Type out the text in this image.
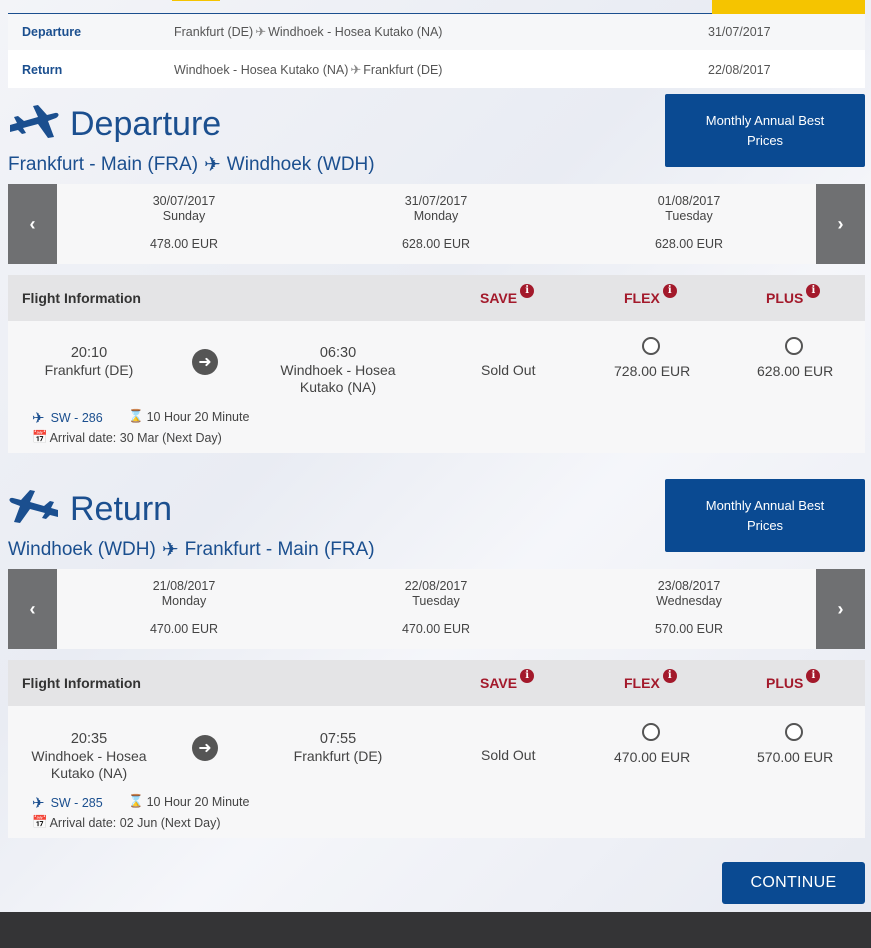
Departure	Frankfurt (DE) ✈ Windhoek - Hosea Kutako (NA)	31/07/2017
Return	Windhoek - Hosea Kutako (NA) ✈ Frankfurt (DE)	22/08/2017
Departure
Frankfurt - Main (FRA) ✈ Windhoek (WDH)
Monthly Annual Best Prices
‹
30/07/2017
Sunday
478.00 EUR
31/07/2017
Monday
628.00 EUR
01/08/2017
Tuesday
628.00 EUR
›
Flight Information	SAVE i	FLEX i	PLUS i
20:10
Frankfurt (DE)	➜
06:30
Windhoek - Hosea Kutako (NA)
Sold Out	728.00 EUR	628.00 EUR
✈ SW - 286 ⌛ 10 Hour 20 Minute
📅 Arrival date: 30 Mar (Next Day)
Return
Windhoek (WDH) ✈ Frankfurt - Main (FRA)
Monthly Annual Best Prices
‹
21/08/2017
Monday
470.00 EUR
22/08/2017
Tuesday
470.00 EUR
23/08/2017
Wednesday
570.00 EUR
›
Flight Information	SAVE i	FLEX i	PLUS i
20:35
Windhoek - Hosea Kutako (NA)
➜
07:55
Frankfurt (DE)	Sold Out	470.00 EUR	570.00 EUR
✈ SW - 285 ⌛ 10 Hour 20 Minute
📅 Arrival date: 02 Jun (Next Day)
CONTINUE
